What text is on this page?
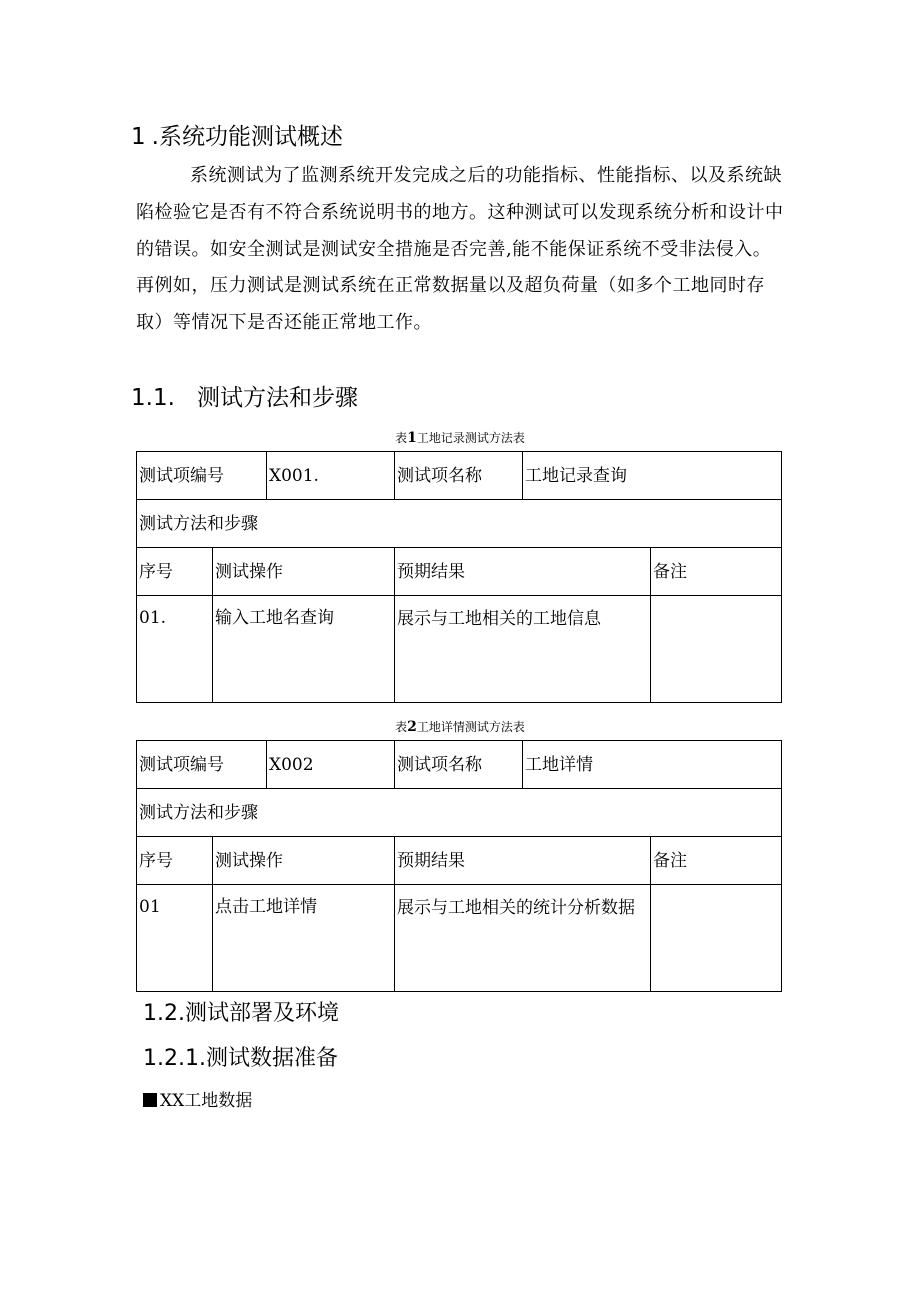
1 .系统功能测试概述
系统测试为了监测系统开发完成之后的功能指标、性能指标、以及系统缺陷检验它是否有不符合系统说明书的地方。这种测试可以发现系统分析和设计中的错误。如安全测试是测试安全措施是否完善,能不能保证系统不受非法侵入。再例如，压力测试是测试系统在正常数据量以及超负荷量（如多个工地同时存取）等情况下是否还能正常地工作。
1.1. 测试方法和步骤
表1工地记录测试方法表
测试项编号		X001.	测试项名称	工地记录查询	
测试方法和步骤					
序号	测试操作		预期结果		备注
01.	输入工地名查询		展示与工地相关的工地信息		

表2工地详情测试方法表
测试项编号		X002	测试项名称	工地详情	
测试方法和步骤					
序号	测试操作		预期结果		备注
01	点击工地详情		展示与工地相关的统计分析数据		

1.2.测试部署及环境
1.2.1.测试数据准备
XX工地数据
